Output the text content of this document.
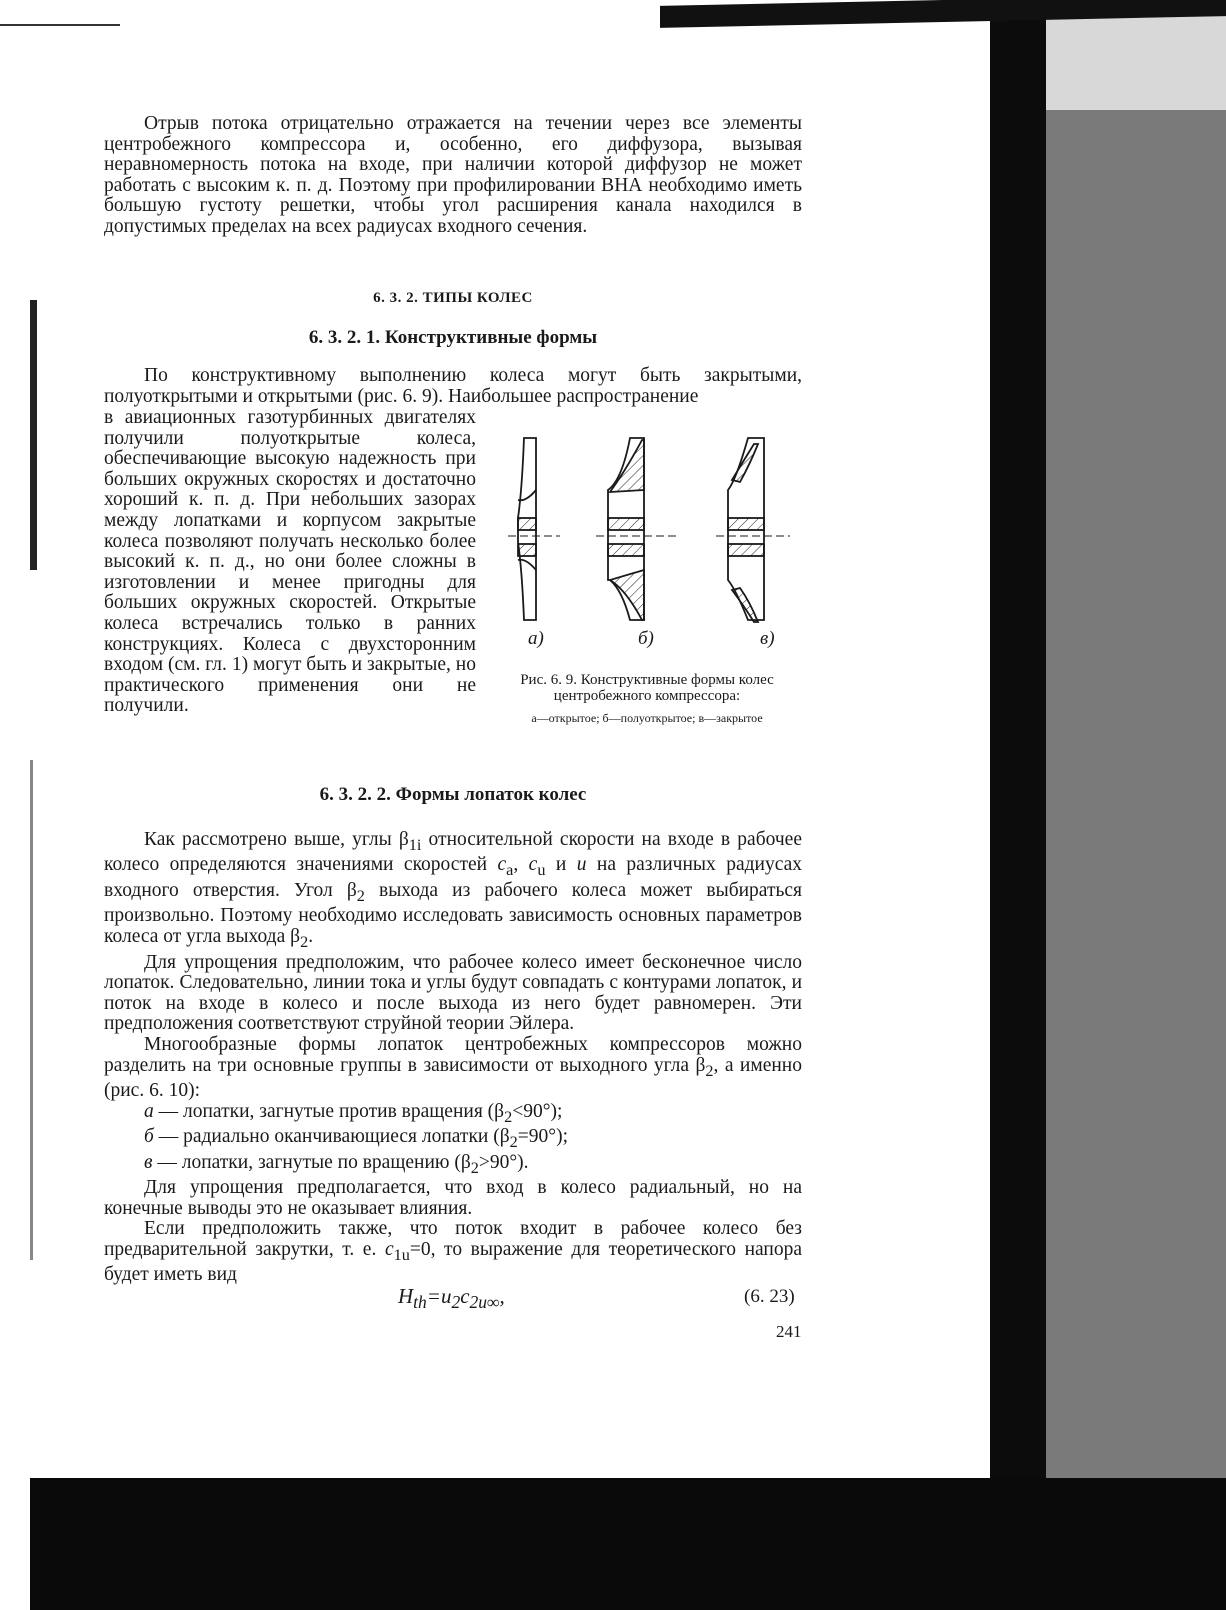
Отрыв потока отрицательно отражается на течении через все элементы центробежного компрессора и, особенно, его диффузора, вызывая неравномерность потока на входе, при наличии которой диффузор не может работать с высоким к. п. д. Поэтому при профилировании ВНА необходимо иметь большую густоту решетки, чтобы угол расширения канала находился в допустимых пределах на всех радиусах входного сечения.

6. 3. 2. ТИПЫ КОЛЕС
6. 3. 2. 1. Конструктивные формы

По конструктивному выполнению колеса могут быть закрытыми, полуоткрытыми и открытыми (рис. 6. 9). Наибольшее распространение

в авиационных газотурбинных двигателях получили полуоткрытые колеса, обеспечивающие высокую надежность при больших окружных скоростях и достаточно хороший к. п. д. При небольших зазорах между лопатками и корпусом закрытые колеса позволяют получать несколько более высокий к. п. д., но они более сложны в изготовлении и менее пригодны для больших окружных скоростей. Открытые колеса встречались только в ранних конструкциях. Колеса с двухсторонним входом (см. гл. 1) могут быть и закрытые, но практического применения они не получили.

а)	б)	в)
Рис. 6. 9. Конструктивные формы колес центробежного компрессора:
а—открытое; б—полуоткрытое; в—закрытое
6. 3. 2. 2. Формы лопаток колес

Как рассмотрено выше, углы $\beta_{1i}$ относительной скорости на входе в рабочее колесо определяются значениями скоростей $c_a$, $c_u$ и u на различных радиусах входного отверстия. Угол $\beta_2$ выхода из рабочего колеса может выбираться произвольно. Поэтому необходимо исследовать зависимость основных параметров колеса от угла выхода $\beta_2$.

Для упрощения предположим, что рабочее колесо имеет бесконечное число лопаток. Следовательно, линии тока и углы будут совпадать с контурами лопаток, и поток на входе в колесо и после выхода из него будет равномерен. Эти предположения соответствуют струйной теории Эйлера.

Многообразные формы лопаток центробежных компрессоров можно разделить на три основные группы в зависимости от выходного угла $\beta_2$, а именно (рис. 6. 10):

а — лопатки, загнутые против вращения $(\beta_2<90^\circ)$;

б — радиально оканчивающиеся лопатки $(\beta_2=90^\circ)$;

в — лопатки, загнутые по вращению $(\beta_2>90^\circ)$.

Для упрощения предполагается, что вход в колесо радиальный, но на конечные выводы это не оказывает влияния.

Если предположить также, что поток входит в рабочее колесо без предварительной закрутки, т. е. $c_{1u}=0$, то выражение для теоретического напора будет иметь вид

$H_{th}=u_2c_{2u\infty}$,	(6. 23)
241
